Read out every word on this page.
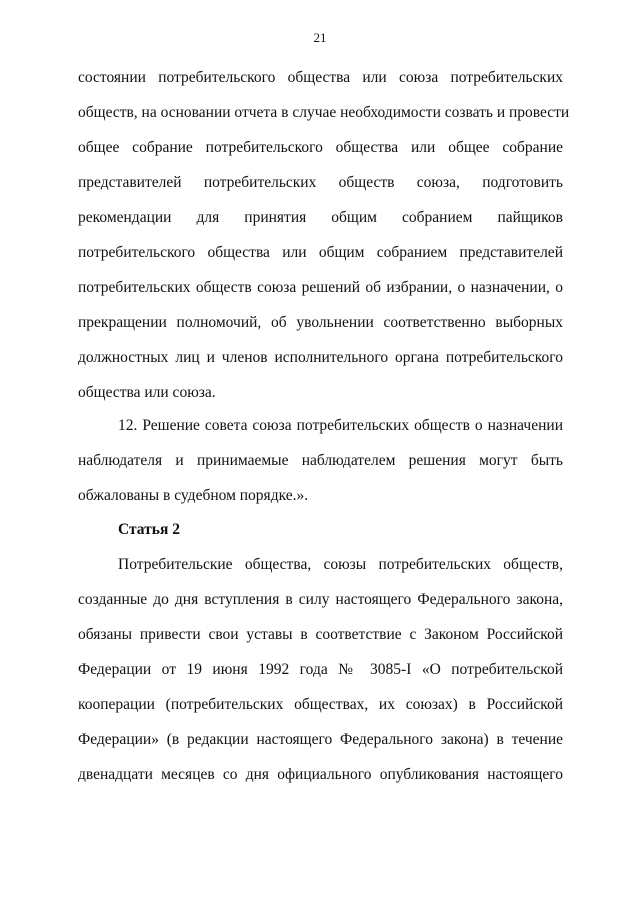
21
состоянии потребительского общества или союза потребительских
обществ, на основании отчета в случае необходимости созвать и провести
общее собрание потребительского общества или общее собрание
представителей потребительских обществ союза, подготовить
рекомендации для принятия общим собранием пайщиков
потребительского общества или общим собранием представителей
потребительских обществ союза решений об избрании, о назначении, о
прекращении полномочий, об увольнении соответственно выборных
должностных лиц и членов исполнительного органа потребительского
общества или союза.
12. Решение совета союза потребительских обществ о назначении
наблюдателя и принимаемые наблюдателем решения могут быть
обжалованы в судебном порядке.».
Статья 2
Потребительские общества, союзы потребительских обществ,
созданные до дня вступления в силу настоящего Федерального закона,
обязаны привести свои уставы в соответствие с Законом Российской
Федерации от 19 июня 1992 года № 3085-I «О потребительской
кооперации (потребительских обществах, их союзах) в Российской
Федерации» (в редакции настоящего Федерального закона) в течение
двенадцати месяцев со дня официального опубликования настоящего
